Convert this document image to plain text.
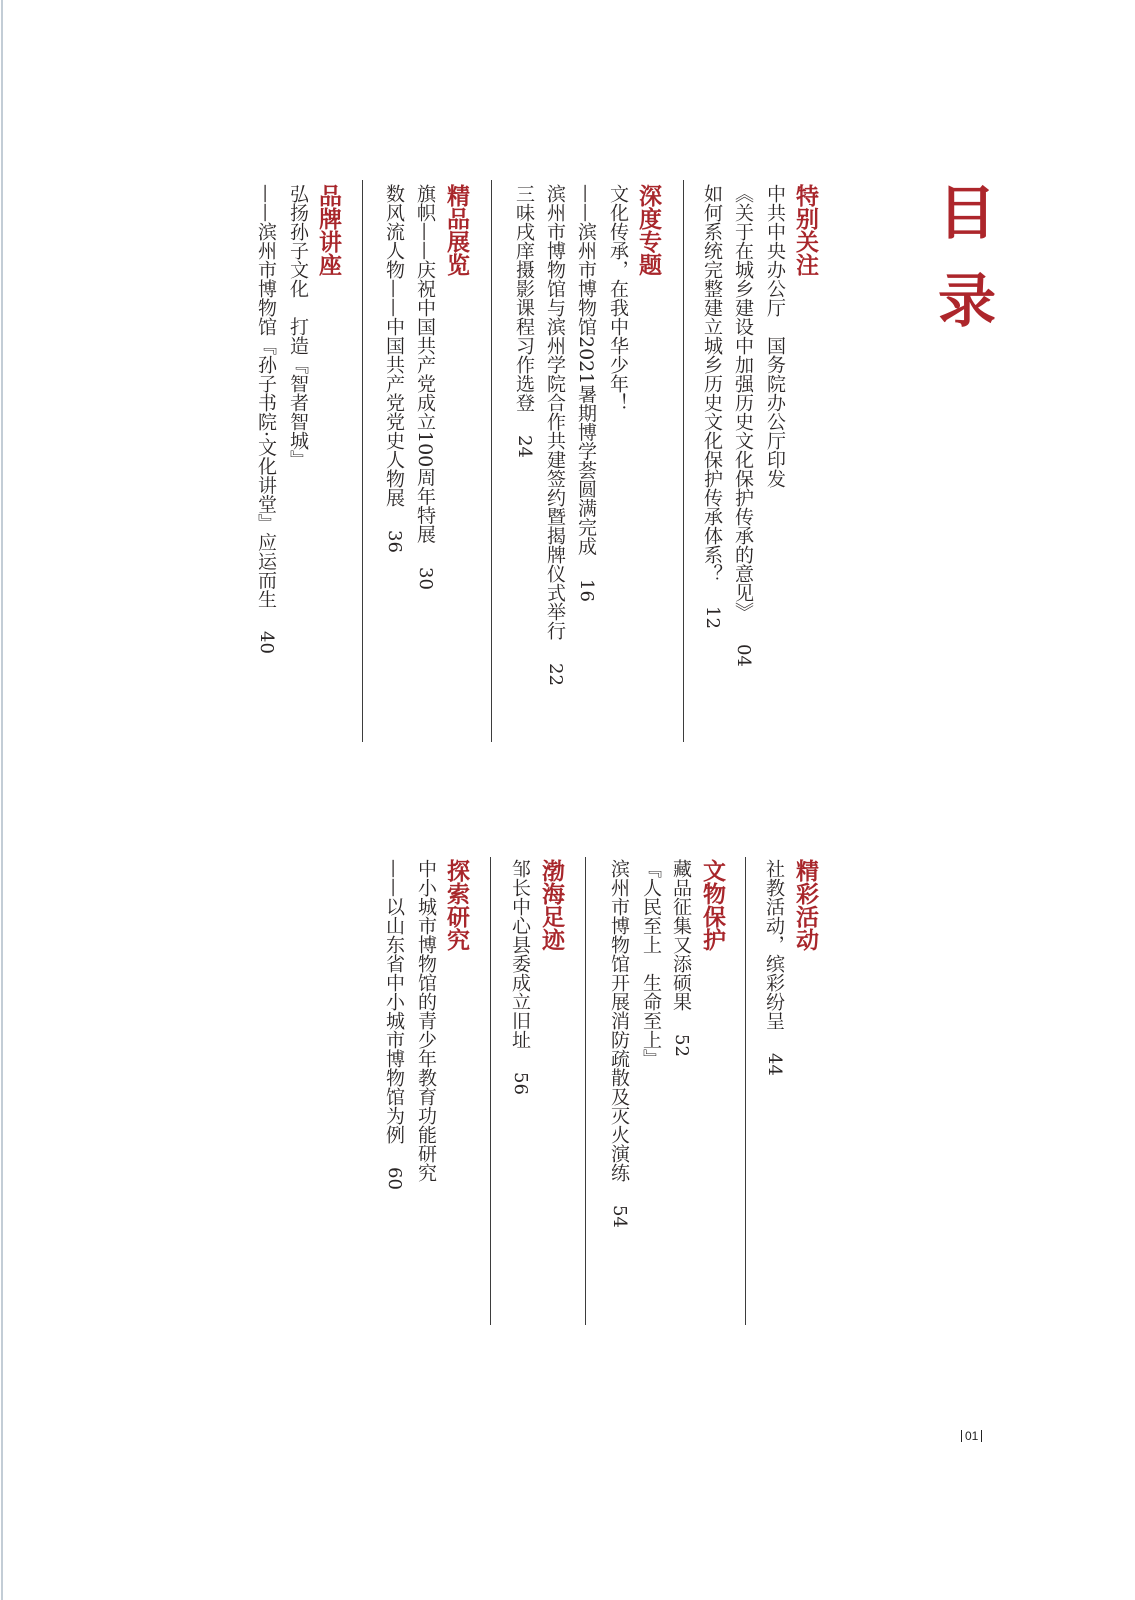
目录
特别关注
中共中央办公厅　国务院办公厅印发
《关于在城乡建设中加强历史文化保护传承的意见》04
如何系统完整建立城乡历史文化保护传承体系？12
深度专题
文化传承，在我中华少年！
——滨州市博物馆2021暑期博学荟圆满完成16
滨州市博物馆与滨州学院合作共建签约暨揭牌仪式举行22
三味戌庠摄影课程习作选登24
精品展览
旗帜——庆祝中国共产党成立100周年特展30
数风流人物——中国共产党党史人物展36
品牌讲座
弘扬孙子文化　打造『智者智城』
——滨州市博物馆『孙子书院·文化讲堂』应运而生40
精彩活动
社教活动，缤彩纷呈44
文物保护
藏品征集又添硕果52
『人民至上　生命至上』
滨州市博物馆开展消防疏散及灭火演练54
渤海足迹
邹长中心县委成立旧址56
探索研究
中小城市博物馆的青少年教育功能研究
——以山东省中小城市博物馆为例60
01
